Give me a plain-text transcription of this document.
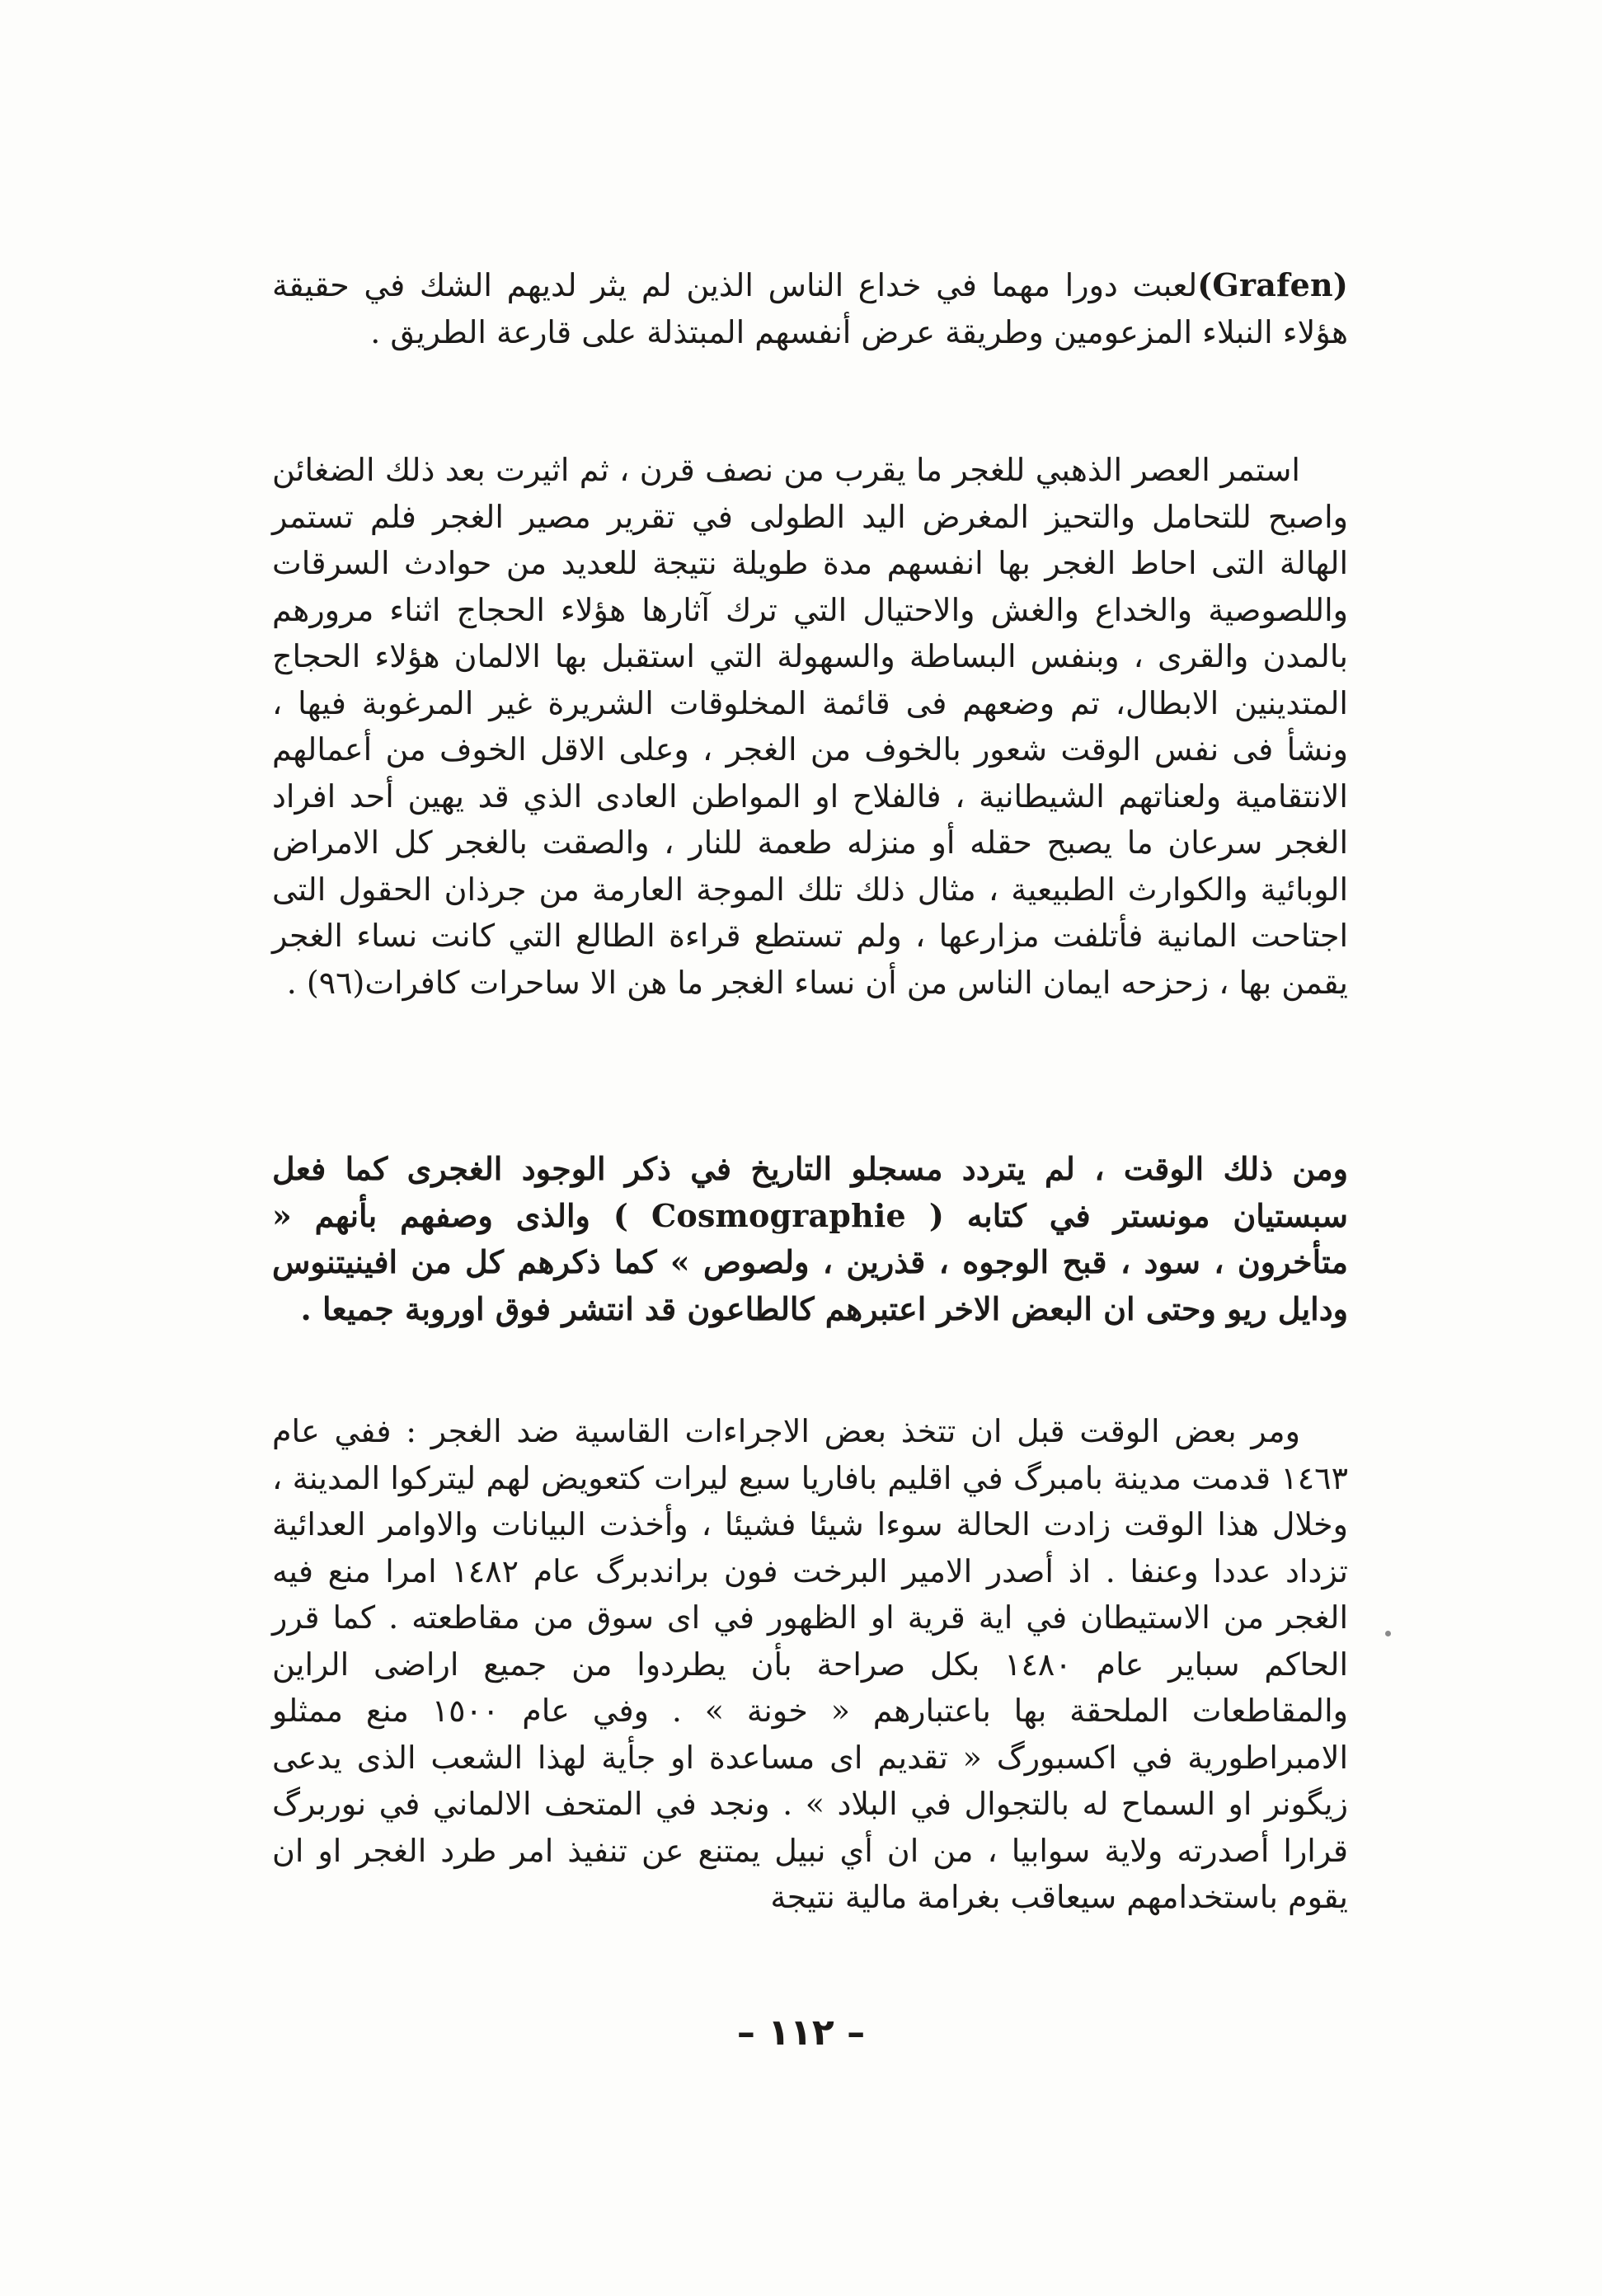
(Grafen)لعبت دورا مهما في خداع الناس الذين لم يثر لديهم الشك في حقيقة هؤلاء النبلاء المزعومين وطريقة عرض أنفسهم المبتذلة على قارعة الطريق .

استمر العصر الذهبي للغجر ما يقرب من نصف قرن ، ثم اثيرت بعد ذلك الضغائن واصبح للتحامل والتحيز المغرض اليد الطولى في تقرير مصير الغجر فلم تستمر الهالة التى احاط الغجر بها انفسهم مدة طويلة نتيجة للعديد من حوادث السرقات واللصوصية والخداع والغش والاحتيال التي ترك آثارها هؤلاء الحجاج اثناء مرورهم بالمدن والقرى ، وبنفس البساطة والسهولة التي استقبل بها الالمان هؤلاء الحجاج المتدينين الابطال، تم وضعهم فى قائمة المخلوقات الشريرة غير المرغوبة فيها ، ونشأ فى نفس الوقت شعور بالخوف من الغجر ، وعلى الاقل الخوف من أعمالهم الانتقامية ولعناتهم الشيطانية ، فالفلاح او المواطن العادى الذي قد يهين أحد افراد الغجر سرعان ما يصبح حقله أو منزله طعمة للنار ، والصقت بالغجر كل الامراض الوبائية والكوارث الطبيعية ، مثال ذلك تلك الموجة العارمة من جرذان الحقول التى اجتاحت المانية فأتلفت مزارعها ، ولم تستطع قراءة الطالع التي كانت نساء الغجر يقمن بها ، زحزحه ايمان الناس من أن نساء الغجر ما هن الا ساحرات كافرات(٩٦) .

ومن ذلك الوقت ، لم يتردد مسجلو التاريخ في ذكر الوجود الغجرى كما فعل سبستيان مونستر في كتابه ( Cosmographie ) والذى وصفهم بأنهم « متأخرون ، سود ، قبح الوجوه ، قذرين ، ولصوص » كما ذكرهم كل من افينيتنوس ودايل ريو وحتى ان البعض الاخر اعتبرهم كالطاعون قد انتشر فوق اوروبة جميعا .

ومر بعض الوقت قبل ان تتخذ بعض الاجراءات القاسية ضد الغجر : ففي عام ١٤٦٣ قدمت مدينة بامبرگ في اقليم بافاريا سبع ليرات كتعويض لهم ليتركوا المدينة ، وخلال هذا الوقت زادت الحالة سوءا شيئا فشيئا ، وأخذت البيانات والاوامر العدائية تزداد عددا وعنفا . اذ أصدر الامير البرخت فون براندبرگ عام ١٤٨٢ امرا منع فيه الغجر من الاستيطان في اية قرية او الظهور في اى سوق من مقاطعته . كما قرر الحاكم سباير عام ١٤٨٠ بكل صراحة بأن يطردوا من جميع اراضى الراين والمقاطعات الملحقة بها باعتبارهم « خونة » . وفي عام ١٥٠٠ منع ممثلو الامبراطورية في اكسبورگ « تقديم اى مساعدة او جأية لهذا الشعب الذى يدعى زيگونر او السماح له بالتجوال في البلاد » . ونجد في المتحف الالماني في نوربرگ قرارا أصدرته ولاية سوابيا ، من ان أي نبيل يمتنع عن تنفيذ امر طرد الغجر او ان يقوم باستخدامهم سيعاقب بغرامة مالية نتيجة

– ١١٢ –
